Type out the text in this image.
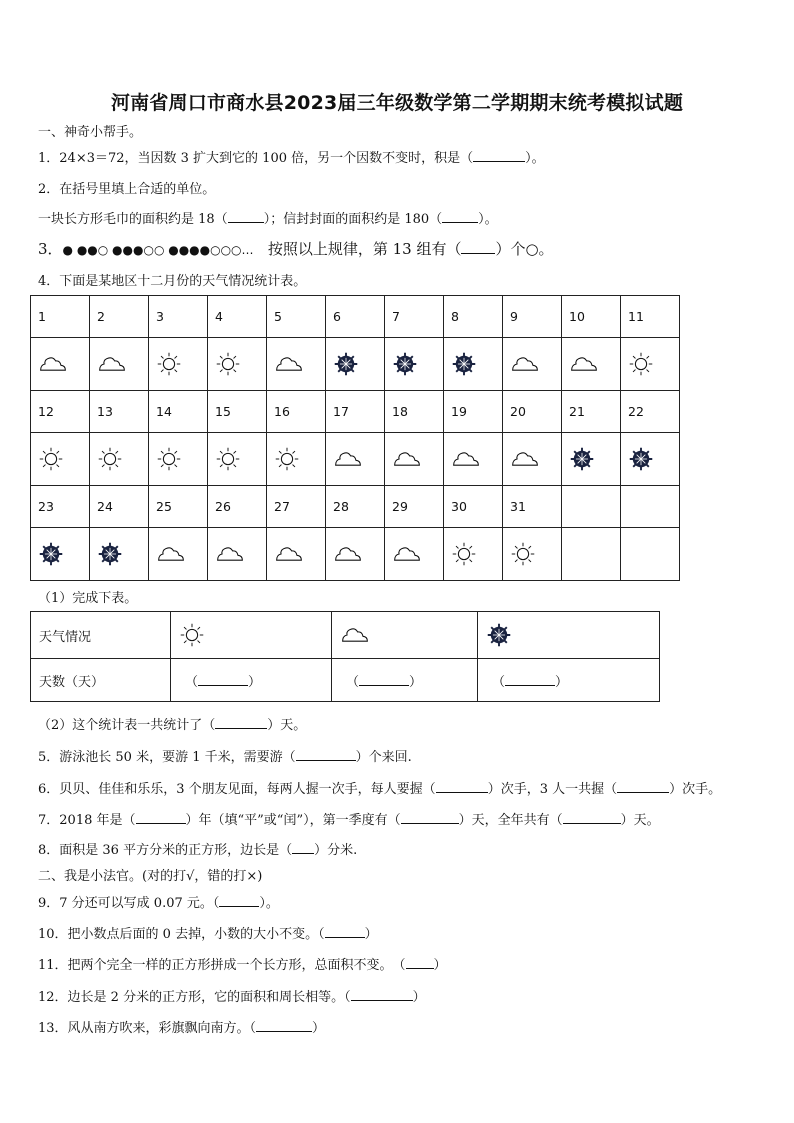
河南省周口市商水县2023届三年级数学第二学期期末统考模拟试题
一、神奇小帮手。
1．24×3＝72，当因数 3 扩大到它的 100 倍，另一个因数不变时，积是（	）。
2．在括号里填上合适的单位。
一块长方形毛巾的面积约是 18（	）；信封封面的面积约是 180（	）。
3．● ●●○ ●●●○○ ●●●●○○○… 按照以上规律，第 13 组有（ ）个○。
4．下面是某地区十二月份的天气情况统计表。
1	2	3	4	5	6	7	8	9	10	11

12	13	14	15	16	17	18	19	20	21	22

23	24	25	26	27	28	29	30	31		

（1）完成下表。
天气情况	

天数（天）	（ ）	（ ）	（ ）
（2）这个统计表一共统计了（	）天。
5．游泳池长 50 米，要游 1 千米，需要游（	）个来回.
6．贝贝、佳佳和乐乐，3 个朋友见面，每两人握一次手，每人要握（	）次手，3 人一共握（	）次手。
7．2018 年是（	）年（填“平”或“闰”），第一季度有（	）天，全年共有（	）天。
8．面积是 36 平方分米的正方形，边长是（ ）分米.
二、我是小法官。(对的打√，错的打×)
9．7 分还可以写成 0.07 元。（	）。
10．把小数点后面的 0 去掉，小数的大小不变。（	）
11．把两个完全一样的正方形拼成一个长方形，总面积不变。　（ ）
12．边长是 2 分米的正方形，它的面积和周长相等。（	）
13．风从南方吹来，彩旗飘向南方。（	）
